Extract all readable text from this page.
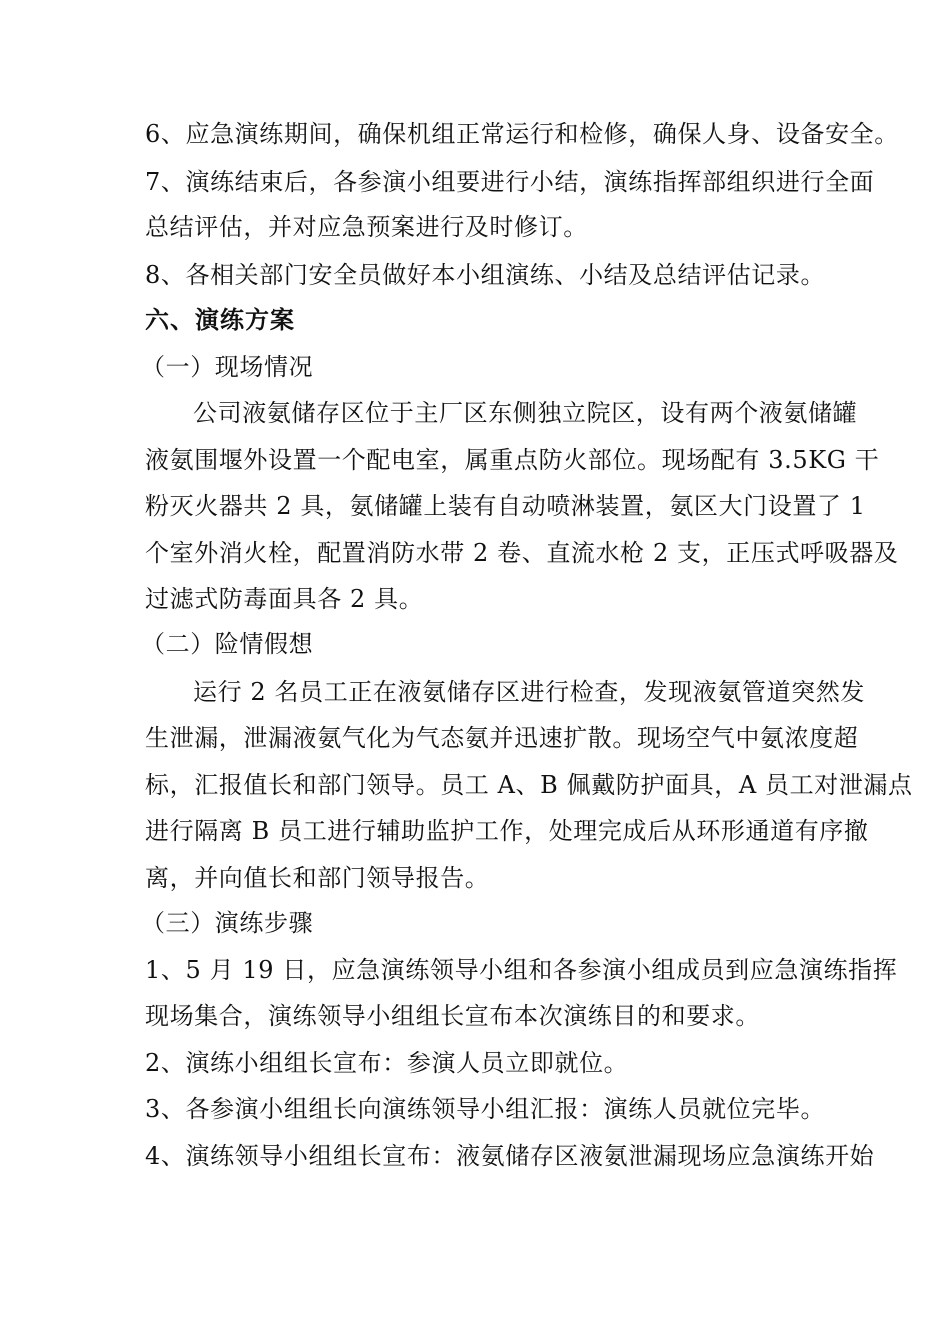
6、应急演练期间，确保机组正常运行和检修，确保人身、设备安全。
7、演练结束后，各参演小组要进行小结，演练指挥部组织进行全面
总结评估，并对应急预案进行及时修订。
8、各相关部门安全员做好本小组演练、小结及总结评估记录。
六、演练方案
（一）现场情况
公司液氨储存区位于主厂区东侧独立院区，设有两个液氨储罐
液氨围堰外设置一个配电室，属重点防火部位。现场配有 3.5KG 干
粉灭火器共 2 具，氨储罐上装有自动喷淋装置，氨区大门设置了 1
个室外消火栓，配置消防水带 2 卷、直流水枪 2 支，正压式呼吸器及
过滤式防毒面具各 2 具。
（二）险情假想
运行 2 名员工正在液氨储存区进行检查，发现液氨管道突然发
生泄漏，泄漏液氨气化为气态氨并迅速扩散。现场空气中氨浓度超
标，汇报值长和部门领导。员工 A、B 佩戴防护面具，A 员工对泄漏点
进行隔离 B 员工进行辅助监护工作，处理完成后从环形通道有序撤
离，并向值长和部门领导报告。
（三）演练步骤
1、5 月 19 日，应急演练领导小组和各参演小组成员到应急演练指挥
现场集合，演练领导小组组长宣布本次演练目的和要求。
2、演练小组组长宣布：参演人员立即就位。
3、各参演小组组长向演练领导小组汇报：演练人员就位完毕。
4、演练领导小组组长宣布：液氨储存区液氨泄漏现场应急演练开始
